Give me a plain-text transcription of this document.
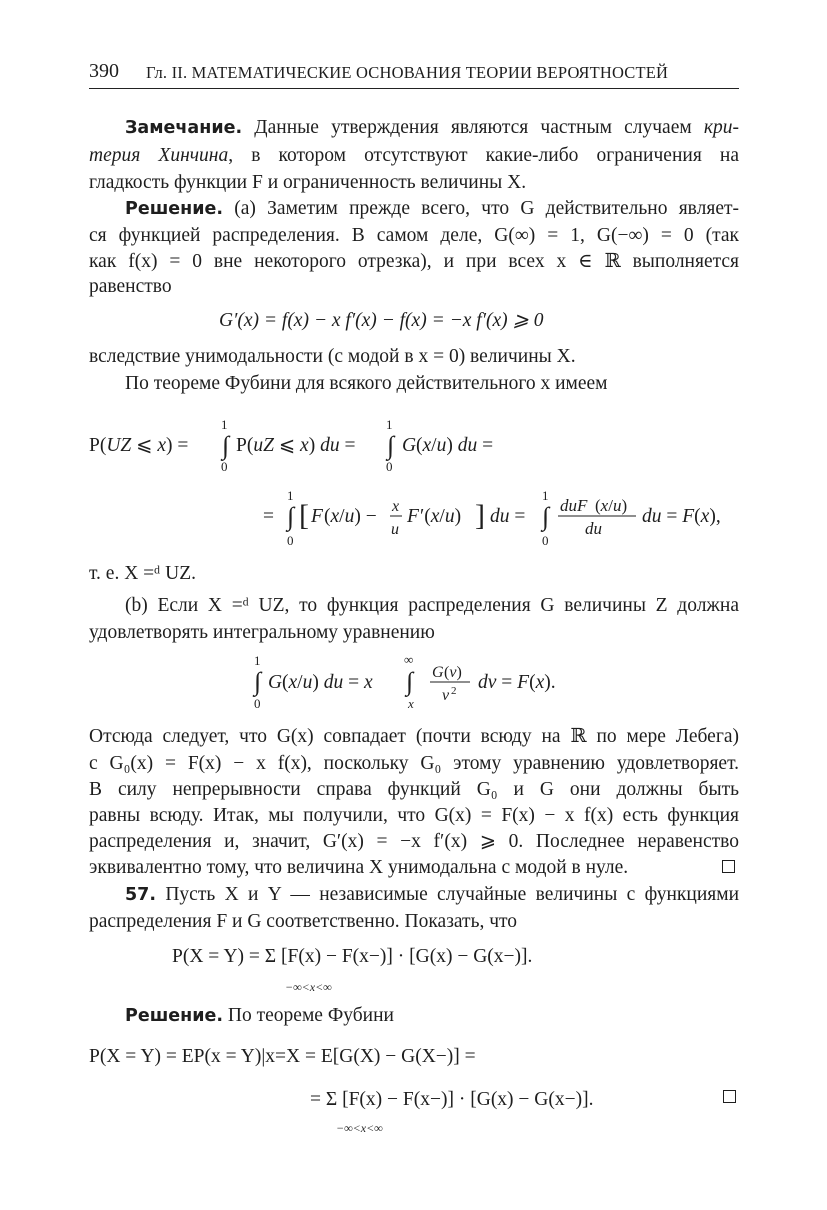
390 Гл. II. МАТЕМАТИЧЕСКИЕ ОСНОВАНИЯ ТЕОРИИ ВЕРОЯТНОСТЕЙ
Замечание. Данные утверждения являются частным случаем кри-
терия Хинчина, в котором отсутствуют какие-либо ограничения на
гладкость функции F и ограниченность величины X.
Решение. (a) Заметим прежде всего, что G действительно являет-
ся функцией распределения. В самом деле, G(∞) = 1, G(−∞) = 0 (так
как f(x) = 0 вне некоторого отрезка), и при всех x ∈ ℝ выполняется
равенство
G′(x) = f(x) − x f′(x) − f(x) = −x f′(x) ⩾ 0
вследствие унимодальности (с модой в x = 0) величины X.
По теореме Фубини для всякого действительного x имеем
P(UZ ⩽ x) = ∫
1
0
P(uZ ⩽ x) du = ∫
1
0
G (x/u) du =
= ∫
1
0
[ F (x/u) − x
u
F ′(x/u) ] du = ∫
1
0
duF (x/u)
du
du = F(x),
т. е. X =ᵈ UZ.
(b) Если X =ᵈ UZ, то функция распределения G величины Z должна
удовлетворять интегральному уравнению
∫
1
0
G (x/u) du = x ∫
∞
x
G (v)
v 2 dv = F(x).
Отсюда следует, что G(x) совпадает (почти всюду на ℝ по мере Лебега)
с G₀(x) = F(x) − x f(x), поскольку G₀ этому уравнению удовлетворяет.
В силу непрерывности справа функций G₀ и G они должны быть
равны всюду. Итак, мы получили, что G(x) = F(x) − x f(x) есть функция
распределения и, значит, G′(x) = −x f′(x) ⩾ 0. Последнее неравенство
эквивалентно тому, что величина X унимодальна с модой в нуле.
57. Пусть X и Y — независимые случайные величины с функциями
распределения F и G соответственно. Показать, что
P(X = Y) = Σ [F(x) − F(x−)] · [G(x) − G(x−)].
−∞<x<∞
Решение. По теореме Фубини
P(X = Y) = EP(x = Y)|x=X = E[G(X) − G(X−)] =
= Σ [F(x) − F(x−)] · [G(x) − G(x−)].
−∞<x<∞
